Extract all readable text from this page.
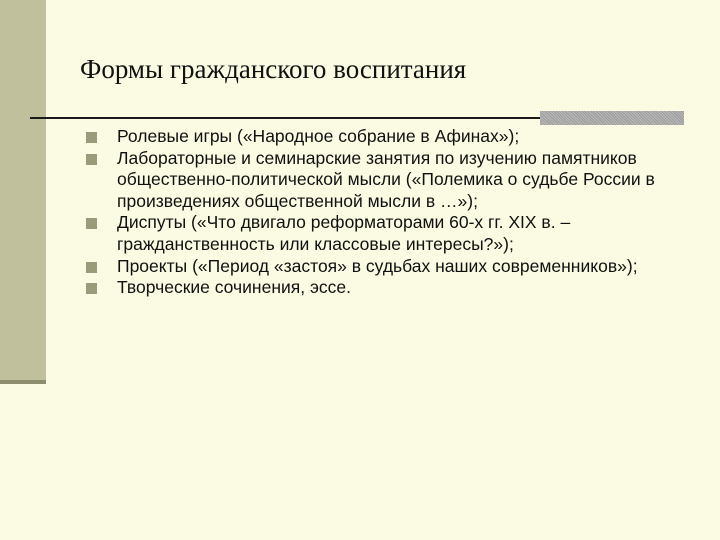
Формы гражданского воспитания
Ролевые игры («Народное собрание в Афинах»);
Лабораторные и семинарские занятия по изучению памятников общественно-политической мысли («Полемика о судьбе России в произведениях общественной мысли в …»);
Диспуты («Что двигало реформаторами 60-х гг. XIX в. – гражданственность или классовые интересы?»);
Проекты («Период «застоя» в судьбах наших современников»);
Творческие сочинения, эссе.
